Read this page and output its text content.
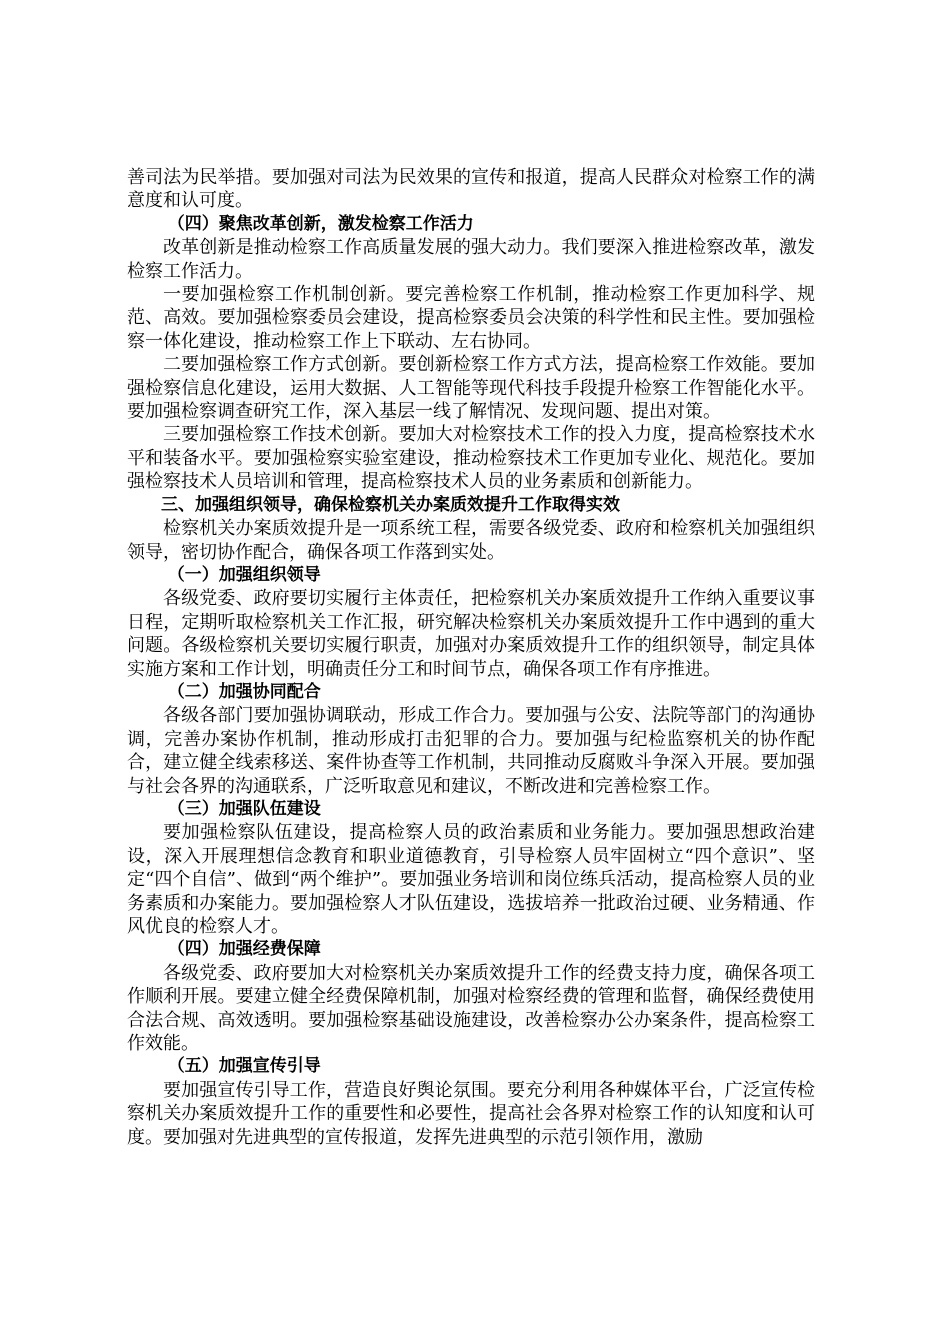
善司法为民举措。要加强对司法为民效果的宣传和报道，提高人民群众对检察工作的满意度和认可度。

（四）聚焦改革创新，激发检察工作活力

改革创新是推动检察工作高质量发展的强大动力。我们要深入推进检察改革，激发检察工作活力。

一要加强检察工作机制创新。要完善检察工作机制，推动检察工作更加科学、规范、高效。要加强检察委员会建设，提高检察委员会决策的科学性和民主性。要加强检察一体化建设，推动检察工作上下联动、左右协同。

二要加强检察工作方式创新。要创新检察工作方式方法，提高检察工作效能。要加强检察信息化建设，运用大数据、人工智能等现代科技手段提升检察工作智能化水平。要加强检察调查研究工作，深入基层一线了解情况、发现问题、提出对策。

三要加强检察工作技术创新。要加大对检察技术工作的投入力度，提高检察技术水平和装备水平。要加强检察实验室建设，推动检察技术工作更加专业化、规范化。要加强检察技术人员培训和管理，提高检察技术人员的业务素质和创新能力。

三、加强组织领导，确保检察机关办案质效提升工作取得实效

检察机关办案质效提升是一项系统工程，需要各级党委、政府和检察机关加强组织领导，密切协作配合，确保各项工作落到实处。

（一）加强组织领导

各级党委、政府要切实履行主体责任，把检察机关办案质效提升工作纳入重要议事日程，定期听取检察机关工作汇报，研究解决检察机关办案质效提升工作中遇到的重大问题。各级检察机关要切实履行职责，加强对办案质效提升工作的组织领导，制定具体实施方案和工作计划，明确责任分工和时间节点，确保各项工作有序推进。

（二）加强协同配合

各级各部门要加强协调联动，形成工作合力。要加强与公安、法院等部门的沟通协调，完善办案协作机制，推动形成打击犯罪的合力。要加强与纪检监察机关的协作配合，建立健全线索移送、案件协查等工作机制，共同推动反腐败斗争深入开展。要加强与社会各界的沟通联系，广泛听取意见和建议，不断改进和完善检察工作。

（三）加强队伍建设

要加强检察队伍建设，提高检察人员的政治素质和业务能力。要加强思想政治建设，深入开展理想信念教育和职业道德教育，引导检察人员牢固树立“四个意识”、坚定“四个自信”、做到“两个维护”。要加强业务培训和岗位练兵活动，提高检察人员的业务素质和办案能力。要加强检察人才队伍建设，选拔培养一批政治过硬、业务精通、作风优良的检察人才。

（四）加强经费保障

各级党委、政府要加大对检察机关办案质效提升工作的经费支持力度，确保各项工作顺利开展。要建立健全经费保障机制，加强对检察经费的管理和监督，确保经费使用合法合规、高效透明。要加强检察基础设施建设，改善检察办公办案条件，提高检察工作效能。

（五）加强宣传引导

要加强宣传引导工作，营造良好舆论氛围。要充分利用各种媒体平台，广泛宣传检察机关办案质效提升工作的重要性和必要性，提高社会各界对检察工作的认知度和认可度。要加强对先进典型的宣传报道，发挥先进典型的示范引领作用，激励
